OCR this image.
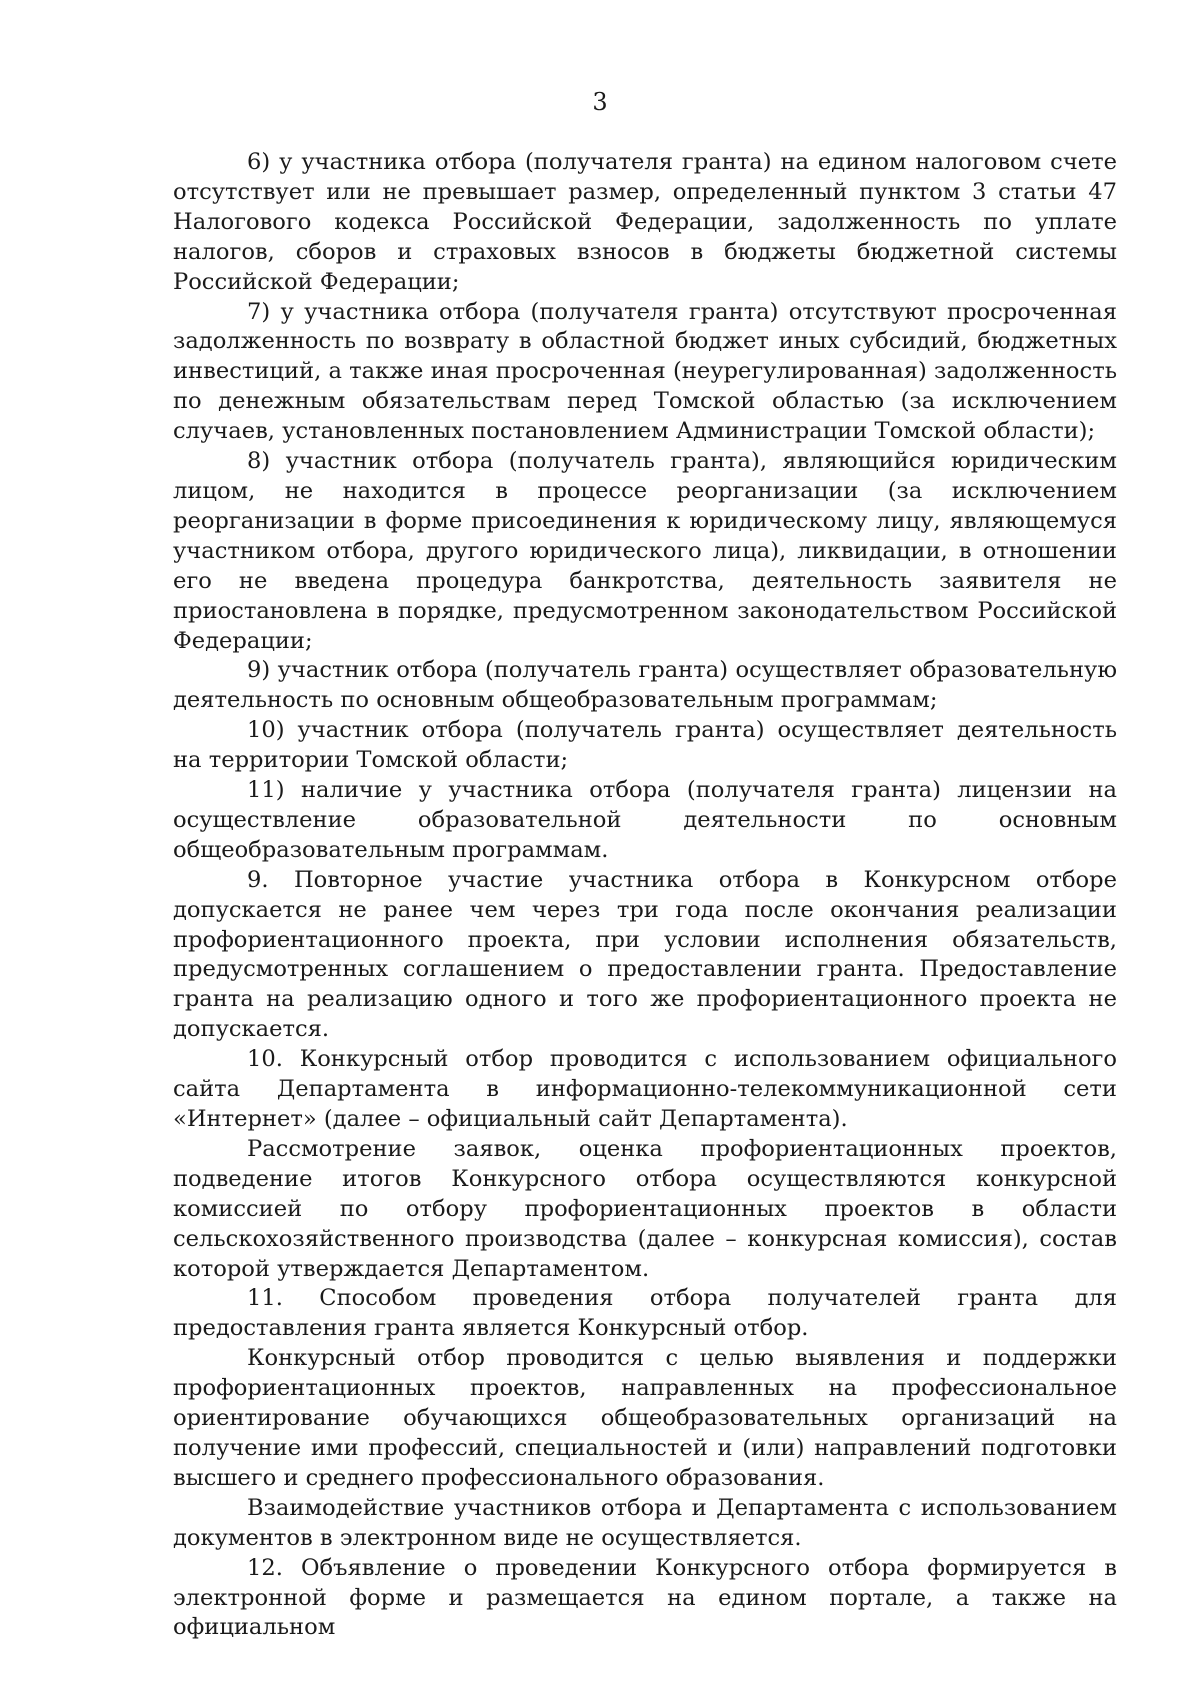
3

6) у участника отбора (получателя гранта) на едином налоговом счете отсутствует или не превышает размер, определенный пунктом 3 статьи 47 Налогового кодекса Российской Федерации, задолженность по уплате налогов, сборов и страховых взносов в бюджеты бюджетной системы Российской Федерации;

7) у участника отбора (получателя гранта) отсутствуют просроченная задолженность по возврату в областной бюджет иных субсидий, бюджетных инвестиций, а также иная просроченная (неурегулированная) задолженность по денежным обязательствам перед Томской областью (за исключением случаев, установленных постановлением Администрации Томской области);

8) участник отбора (получатель гранта), являющийся юридическим лицом, не находится в процессе реорганизации (за исключением реорганизации в форме присоединения к юридическому лицу, являющемуся участником отбора, другого юридического лица), ликвидации, в отношении его не введена процедура банкротства, деятельность заявителя не приостановлена в порядке, предусмотренном законодательством Российской Федерации;

9) участник отбора (получатель гранта) осуществляет образовательную деятельность по основным общеобразовательным программам;

10) участник отбора (получатель гранта) осуществляет деятельность на территории Томской области;

11) наличие у участника отбора (получателя гранта) лицензии на осуществление образовательной деятельности по основным общеобразовательным программам.

9. Повторное участие участника отбора в Конкурсном отборе допускается не ранее чем через три года после окончания реализации профориентационного проекта, при условии исполнения обязательств, предусмотренных соглашением о предоставлении гранта. Предоставление гранта на реализацию одного и того же профориентационного проекта не допускается.

10. Конкурсный отбор проводится с использованием официального сайта Департамента в информационно-телекоммуникационной сети «Интернет» (далее – официальный сайт Департамента).

Рассмотрение заявок, оценка профориентационных проектов, подведение итогов Конкурсного отбора осуществляются конкурсной комиссией по отбору профориентационных проектов в области сельскохозяйственного производства (далее – конкурсная комиссия), состав которой утверждается Департаментом.

11. Способом проведения отбора получателей гранта для предоставления гранта является Конкурсный отбор.

Конкурсный отбор проводится с целью выявления и поддержки профориентационных проектов, направленных на профессиональное ориентирование обучающихся общеобразовательных организаций на получение ими профессий, специальностей и (или) направлений подготовки высшего и среднего профессионального образования.

Взаимодействие участников отбора и Департамента с использованием документов в электронном виде не осуществляется.

12. Объявление о проведении Конкурсного отбора формируется в электронной форме и размещается на едином портале, а также на официальном
